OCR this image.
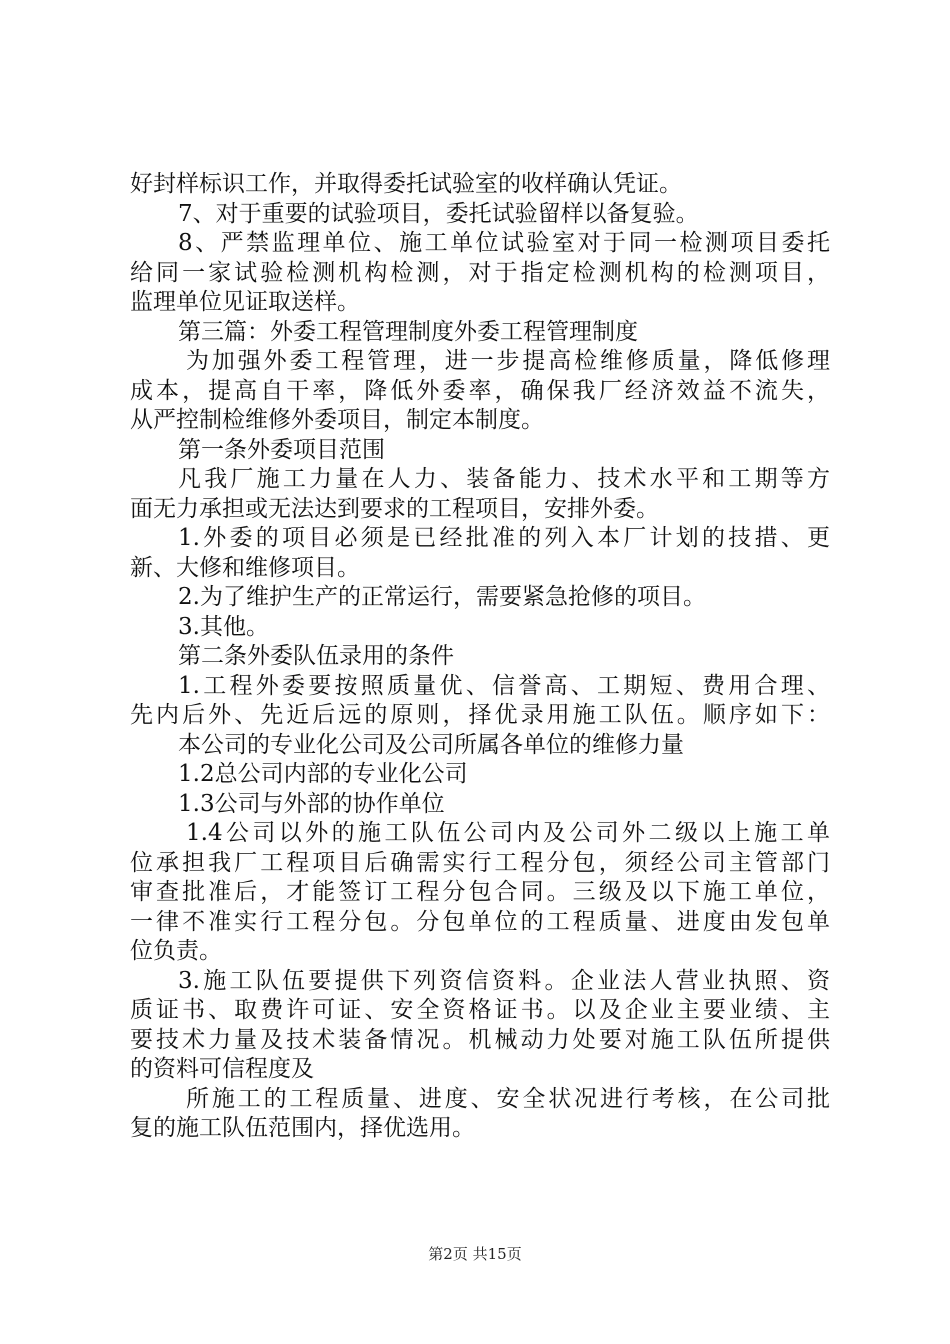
好封样标识工作，并取得委托试验室的收样确认凭证。
7、对于重要的试验项目，委托试验留样以备复验。
8、严禁监理单位、施工单位试验室对于同一检测项目委托
给同一家试验检测机构检测，对于指定检测机构的检测项目，
监理单位见证取送样。
第三篇：外委工程管理制度外委工程管理制度
为加强外委工程管理，进一步提高检维修质量，降低修理
成本，提高自干率，降低外委率，确保我厂经济效益不流失，
从严控制检维修外委项目，制定本制度。
第一条外委项目范围
凡我厂施工力量在人力、装备能力、技术水平和工期等方
面无力承担或无法达到要求的工程项目，安排外委。
1.外委的项目必须是已经批准的列入本厂计划的技措、更
新、大修和维修项目。
2.为了维护生产的正常运行，需要紧急抢修的项目。
3.其他。
第二条外委队伍录用的条件
1.工程外委要按照质量优、信誉高、工期短、费用合理、
先内后外、先近后远的原则，择优录用施工队伍。顺序如下：
本公司的专业化公司及公司所属各单位的维修力量
1.2总公司内部的专业化公司
1.3公司与外部的协作单位
1.4公司以外的施工队伍公司内及公司外二级以上施工单
位承担我厂工程项目后确需实行工程分包，须经公司主管部门
审查批准后，才能签订工程分包合同。三级及以下施工单位，
一律不准实行工程分包。分包单位的工程质量、进度由发包单
位负责。
3.施工队伍要提供下列资信资料。企业法人营业执照、资
质证书、取费许可证、安全资格证书。以及企业主要业绩、主
要技术力量及技术装备情况。机械动力处要对施工队伍所提供
的资料可信程度及
所施工的工程质量、进度、安全状况进行考核，在公司批
复的施工队伍范围内，择优选用。
第2页 共15页
